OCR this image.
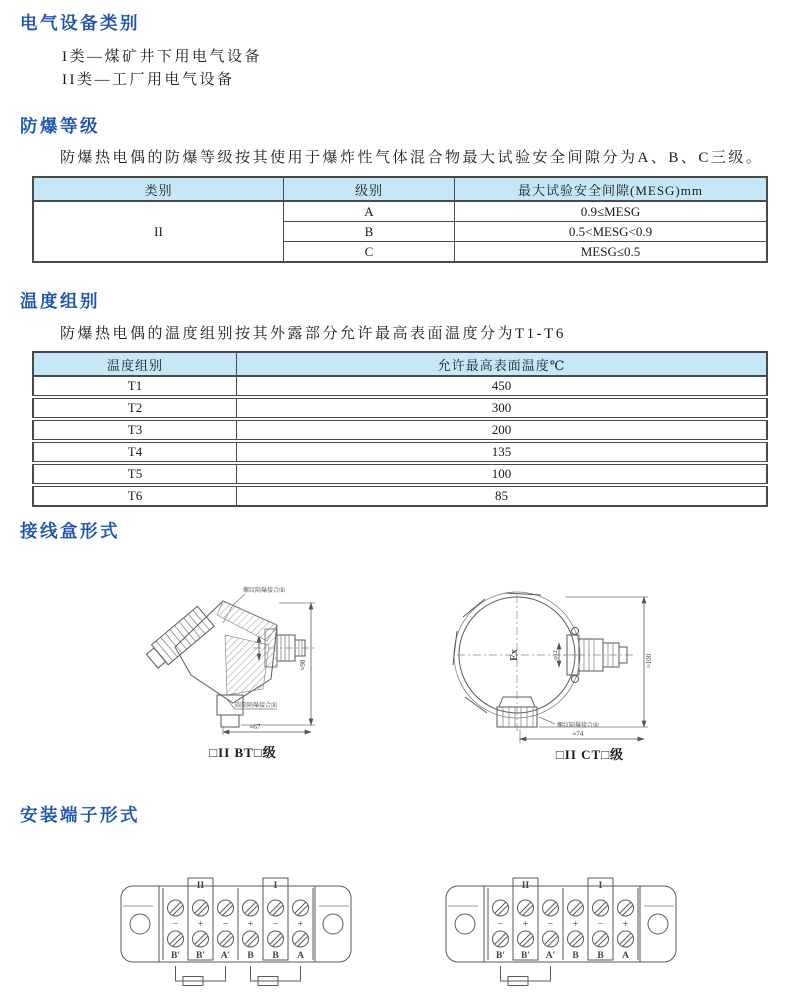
电气设备类别
I类—煤矿井下用电气设备
II类—工厂用电气设备
防爆等级
防爆热电偶的防爆等级按其使用于爆炸性气体混合物最大试验安全间隙分为A、B、C三级。
类别	级别	最大试验安全间隙(MESG)mm
II	A	0.9≤MESG
	B	0.5<MESG<0.9
	C	MESG≤0.5
温度组别
防爆热电偶的温度组别按其外露部分允许最高表面温度分为T1-T6
温度组别	允许最高表面温度℃
T1	450
T2	300
T3	200
T4	135
T5	100
T6	85
接线盒形式
螺纹隔爆接合面
圆筒隔爆接合面
≈98
≈67
□II BT□级
Ex	φ12
螺纹隔爆接合面
≈100
≈74
□II CT□级
安装端子形式
II	I
− + − + − +
B′ B′ A′ B B A
II	I
− + − + − +
B′ B′ A′ B B A
